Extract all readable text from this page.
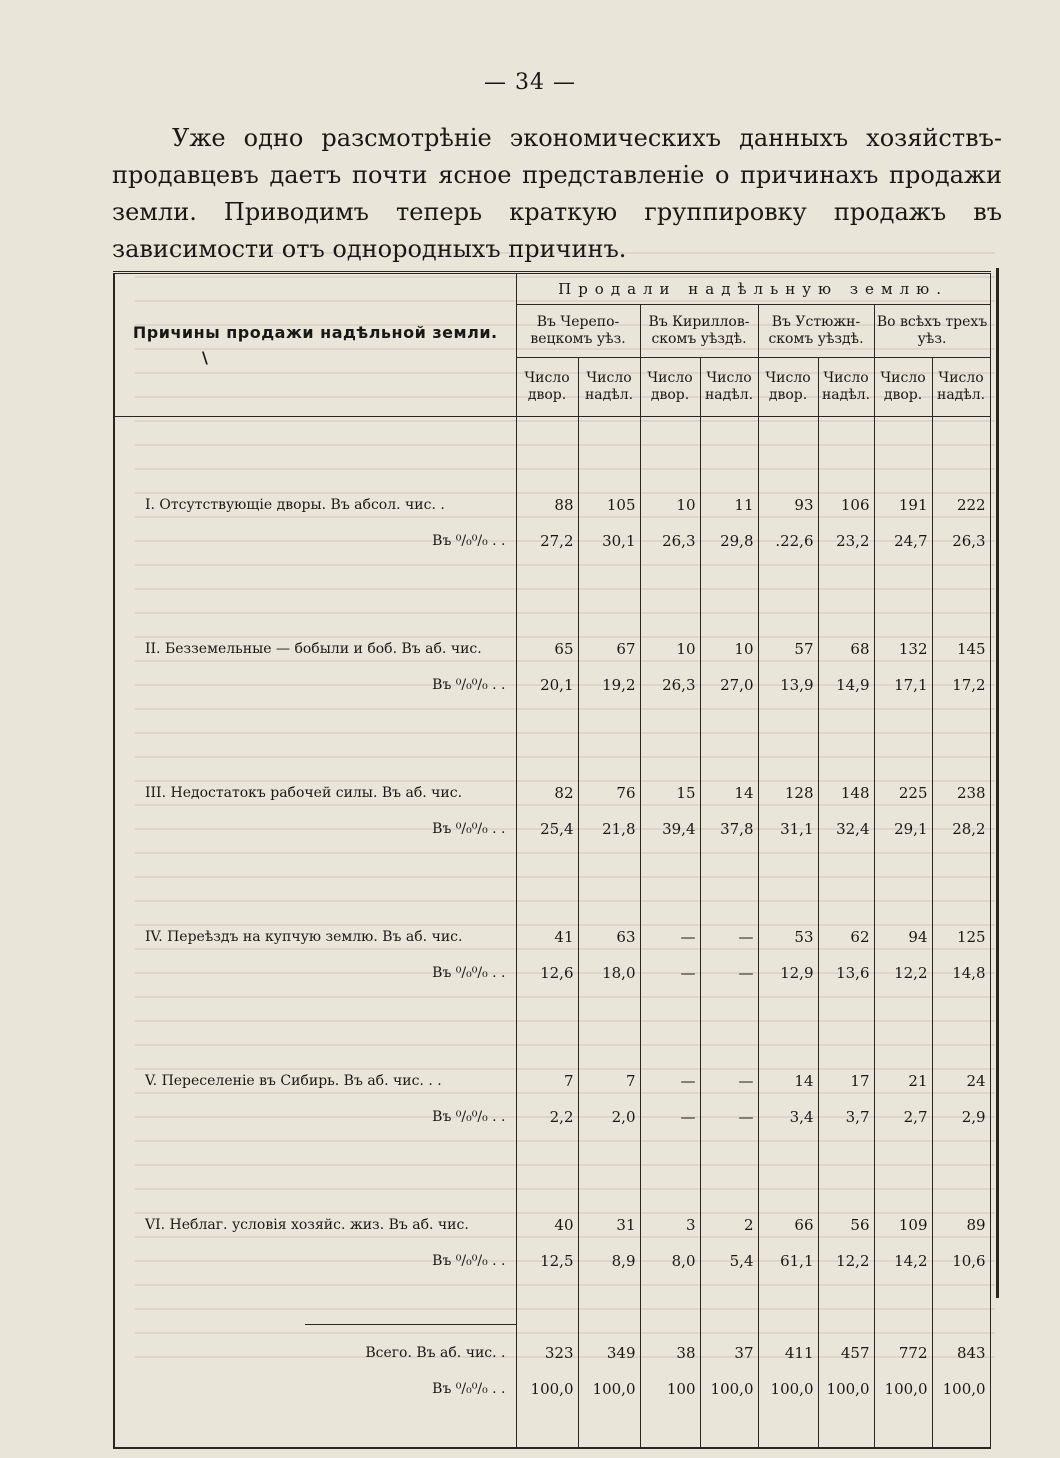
— 34 —
Уже одно разсмотрѣніе экономическихъ данныхъ хозяйствъ-продавцевъ даетъ почти ясное представленіе о причинахъ продажи земли. Приводимъ теперь краткую группировку продажъ въ зависимости отъ однородныхъ причинъ.
Причины продажи надѣльной земли.	Продали надѣльную землю.							
	Въ Черепо-вецкомъ уѣз.		Въ Кириллов-скомъ уѣздѣ.		Въ Устюжн-скомъ уѣздѣ.		Во всѣхъ трехъ уѣз.	
	Число двор.	Число надѣл.	Число двор.	Число надѣл.	Число двор.	Число надѣл.	Число двор.	Число надѣл.

I. Отсутствующіе дворы. Въ абсол. чис. .	88	105	10	11	93	106	191	222
Въ ⁰/₀⁰/₀ . .	27,2	30,1	26,3	29,8	.22,6	23,2	24,7	26,3

II. Безземельные — бобыли и боб. Въ аб. чис.	65	67	10	10	57	68	132	145
Въ ⁰/₀⁰/₀ . .	20,1	19,2	26,3	27,0	13,9	14,9	17,1	17,2

III. Недостатокъ рабочей силы. Въ аб. чис.	82	76	15	14	128	148	225	238
Въ ⁰/₀⁰/₀ . .	25,4	21,8	39,4	37,8	31,1	32,4	29,1	28,2

IV. Переѣздъ на купчую землю. Въ аб. чис.	41	63	—	—	53	62	94	125
Въ ⁰/₀⁰/₀ . .	12,6	18,0	—	—	12,9	13,6	12,2	14,8

V. Переселеніе въ Сибирь. Въ аб. чис. . .	7	7	—	—	14	17	21	24
Въ ⁰/₀⁰/₀ . .	2,2	2,0	—	—	3,4	3,7	2,7	2,9

VI. Неблаг. условія хозяйс. жиз. Въ аб. чис.	40	31	3	2	66	56	109	89
Въ ⁰/₀⁰/₀ . .	12,5	8,9	8,0	5,4	61,1	12,2	14,2	10,6

Всего. Въ аб. чис. .	323	349	38	37	411	457	772	843
Въ ⁰/₀⁰/₀ . .	100,0	100,0	100	100,0	100,0	100,0	100,0	100,0

\
